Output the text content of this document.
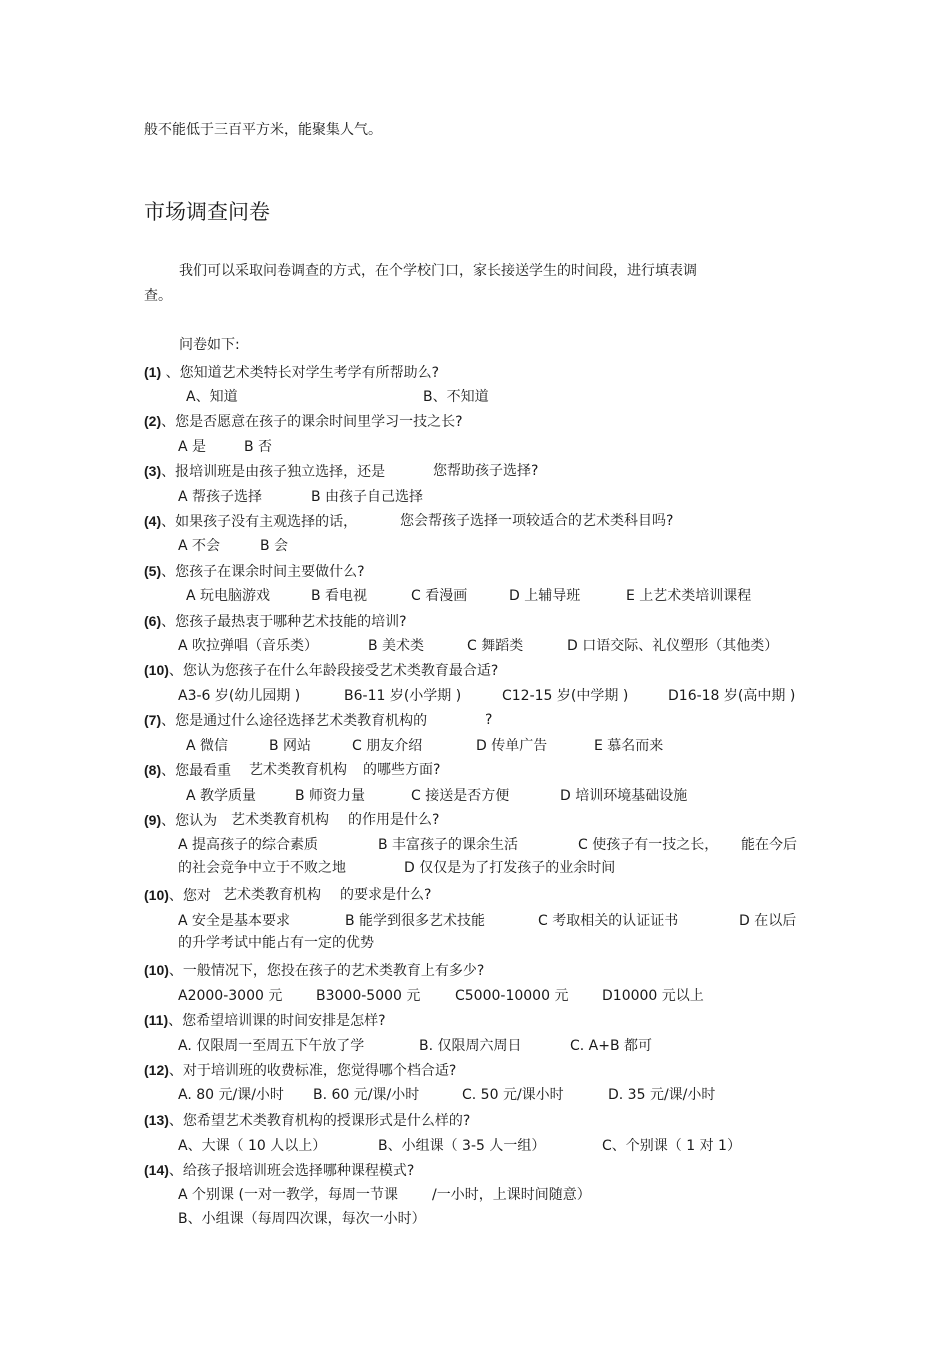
般不能低于三百平方米，能聚集人气。
市场调查问卷
我们可以采取问卷调查的方式，在个学校门口，家长接送学生的时间段，进行填表调
查。
问卷如下:
(1) 、您知道艺术类特长对学生考学有所帮助么?
A、知道	B、不知道
(2)、您是否愿意在孩子的课余时间里学习一技之长?
A 是	B 否
(3)、报培训班是由孩子独立选择，还是	您帮助孩子选择?
A 帮孩子选择	B 由孩子自己选择
(4)、如果孩子没有主观选择的话，	您会帮孩子选择一项较适合的艺术类科目吗?
A 不会	B 会
(5)、您孩子在课余时间主要做什么?
A 玩电脑游戏	B 看电视	C 看漫画	D 上辅导班	E 上艺术类培训课程
(6)、您孩子最热衷于哪种艺术技能的培训?
A 吹拉弹唱（音乐类）	B 美术类	C 舞蹈类	D 口语交际、礼仪塑形（其他类）
(10)、您认为您孩子在什么年龄段接受艺术类教育最合适?
A3-6 岁(幼儿园期 )	B6-11 岁(小学期 )	C12-15 岁(中学期 )	D16-18 岁(高中期 )
(7)、您是通过什么途径选择艺术类教育机构的	?
A 微信	B 网站	C 朋友介绍	D 传单广告	E 慕名而来
(8)、您最看重 艺术类教育机构 的哪些方面?
A 教学质量	B 师资力量	C 接送是否方便	D 培训环境基础设施
(9)、您认为 艺术类教育机构 的作用是什么?
A 提高孩子的综合素质	B 丰富孩子的课余生活	C 使孩子有一技之长， 能在今后
的社会竞争中立于不败之地	D 仅仅是为了打发孩子的业余时间
(10)、您对 艺术类教育机构 的要求是什么?
A 安全是基本要求	B 能学到很多艺术技能	C 考取相关的认证证书	D 在以后
的升学考试中能占有一定的优势
(10)、一般情况下，您投在孩子的艺术类教育上有多少?
A2000-3000 元 B3000-5000 元 C5000-10000 元 D10000 元以上
(11)、您希望培训课的时间安排是怎样?
A. 仅限周一至周五下午放了学	B. 仅限周六周日	C. A+B 都可
(12)、对于培训班的收费标准，您觉得哪个档合适?
A. 80 元/课/小时 B. 60 元/课/小时	C. 50 元/课小时	D. 35 元/课/小时
(13)、您希望艺术类教育机构的授课形式是什么样的?
A、大课（ 10 人以上）	B、小组课（ 3-5 人一组）	C、个别课（ 1 对 1）
(14)、给孩子报培训班会选择哪种课程模式?
A 个别课 (一对一教学，每周一节课 /一小时，上课时间随意）
B、小组课（每周四次课，每次一小时）
